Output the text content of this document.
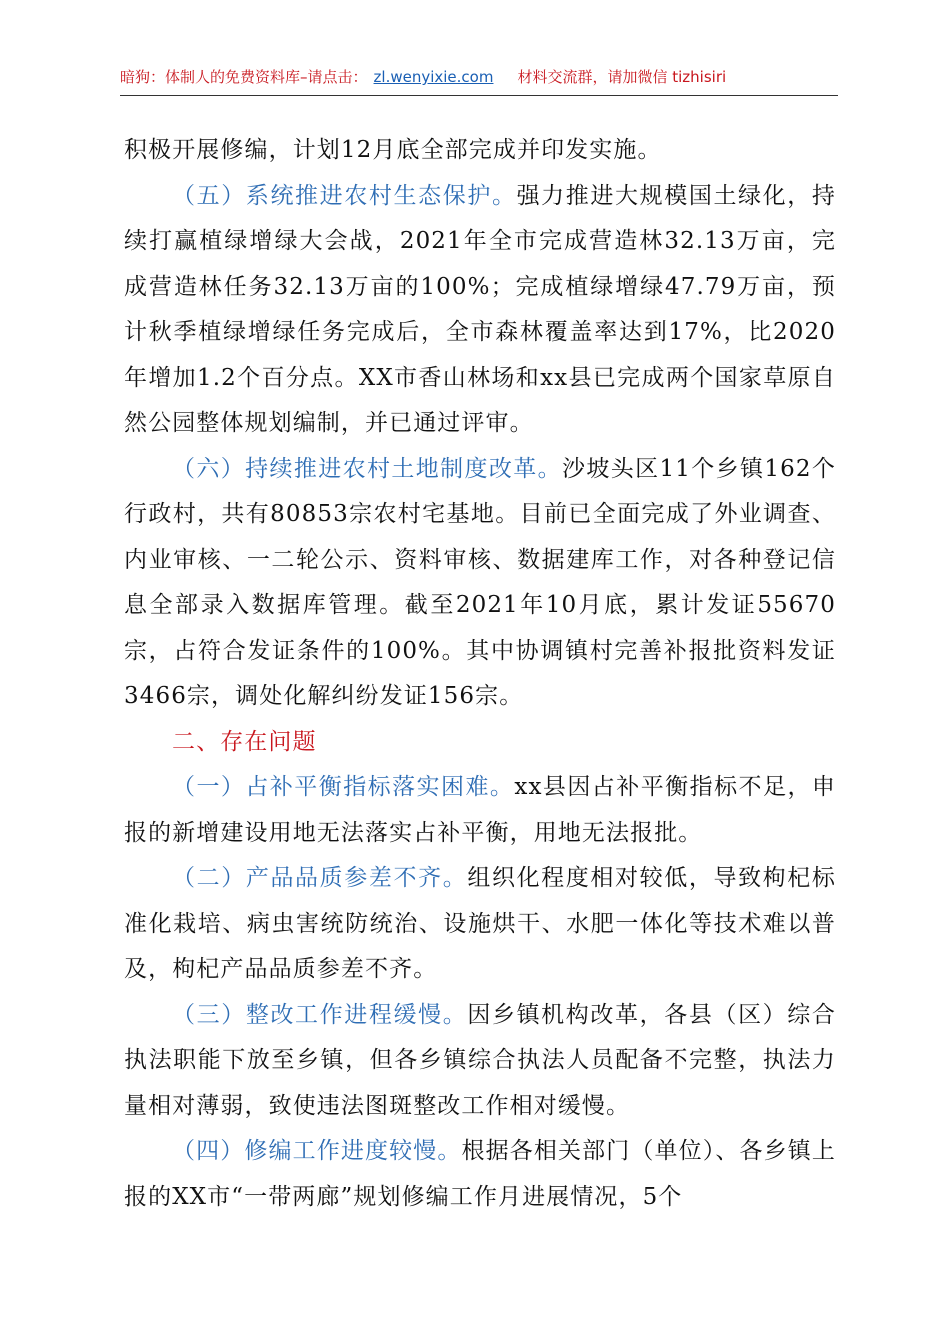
暗狗：体制人的免费资料库–请点击： zl.wenyixie.com 材料交流群，请加微信 tizhisiri

积极开展修编，计划12月底全部完成并印发实施。

（五）系统推进农村生态保护。强力推进大规模国土绿化，持续打赢植绿增绿大会战，2021年全市完成营造林32.13万亩，完成营造林任务32.13万亩的100%；完成植绿增绿47.79万亩，预计秋季植绿增绿任务完成后，全市森林覆盖率达到17%，比2020年增加1.2个百分点。XX市香山林场和xx县已完成两个国家草原自然公园整体规划编制，并已通过评审。

（六）持续推进农村土地制度改革。沙坡头区11个乡镇162个行政村，共有80853宗农村宅基地。目前已全面完成了外业调查、内业审核、一二轮公示、资料审核、数据建库工作，对各种登记信息全部录入数据库管理。截至2021年10月底，累计发证55670宗，占符合发证条件的100%。其中协调镇村完善补报批资料发证3466宗，调处化解纠纷发证156宗。

二、存在问题

（一）占补平衡指标落实困难。xx县因占补平衡指标不足，申报的新增建设用地无法落实占补平衡，用地无法报批。

（二）产品品质参差不齐。组织化程度相对较低，导致枸杞标准化栽培、病虫害统防统治、设施烘干、水肥一体化等技术难以普及，枸杞产品品质参差不齐。

（三）整改工作进程缓慢。因乡镇机构改革，各县（区）综合执法职能下放至乡镇，但各乡镇综合执法人员配备不完整，执法力量相对薄弱，致使违法图斑整改工作相对缓慢。

（四）修编工作进度较慢。根据各相关部门（单位）、各乡镇上报的XX市“一带两廊”规划修编工作月进展情况，5个
